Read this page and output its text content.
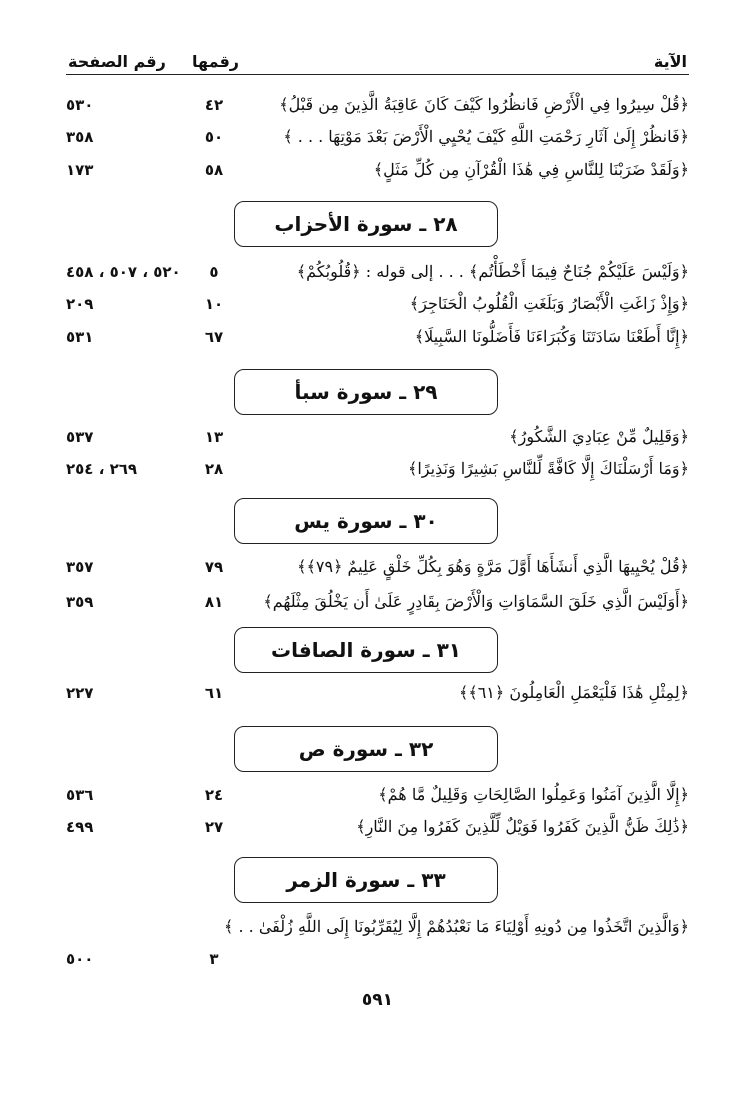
الآية
رقمها
رقم الصفحة
﴿قُلْ سِيرُوا فِي الْأَرْضِ فَانظُرُوا كَيْفَ كَانَ عَاقِبَةُ الَّذِينَ مِن قَبْلُ﴾
٤٢
٥٣٠
﴿فَانظُرْ إِلَىٰ آثَارِ رَحْمَتِ اللَّهِ كَيْفَ يُحْيِي الْأَرْضَ بَعْدَ مَوْتِهَا . . . ﴾
٥٠
٣٥٨
﴿وَلَقَدْ ضَرَبْنَا لِلنَّاسِ فِي هَٰذَا الْقُرْآنِ مِن كُلِّ مَثَلٍ﴾
٥٨
١٧٣
٢٨ ـ سورة الأحزاب
﴿وَلَيْسَ عَلَيْكُمْ جُنَاحٌ فِيمَا أَخْطَأْتُم﴾ . . . إلى قوله : ﴿قُلُوبُكُمْ﴾
٥
٥٢٠ ، ٥٠٧ ، ٤٥٨
﴿وَإِذْ زَاغَتِ الْأَبْصَارُ وَبَلَغَتِ الْقُلُوبُ الْحَنَاجِرَ﴾
١٠
٢٠٩
﴿إِنَّا أَطَعْنَا سَادَتَنَا وَكُبَرَاءَنَا فَأَضَلُّونَا السَّبِيلَا﴾
٦٧
٥٣١
٢٩ ـ سورة سبأ
﴿وَقَلِيلٌ مِّنْ عِبَادِيَ الشَّكُورُ﴾
١٣
٥٣٧
﴿وَمَا أَرْسَلْنَاكَ إِلَّا كَافَّةً لِّلنَّاسِ بَشِيرًا وَنَذِيرًا﴾
٢٨
٢٦٩ ، ٢٥٤
٣٠ ـ سورة يس
﴿قُلْ يُحْيِيهَا الَّذِي أَنشَأَهَا أَوَّلَ مَرَّةٍ وَهُوَ بِكُلِّ خَلْقٍ عَلِيمٌ ﴿٧٩﴾﴾
٧٩
٣٥٧
﴿أَوَلَيْسَ الَّذِي خَلَقَ السَّمَاوَاتِ وَالْأَرْضَ بِقَادِرٍ عَلَىٰ أَن يَخْلُقَ مِثْلَهُم﴾
٨١
٣٥٩
٣١ ـ سورة الصافات
﴿لِمِثْلِ هَٰذَا فَلْيَعْمَلِ الْعَامِلُونَ ﴿٦١﴾﴾
٦١
٢٢٧
٣٢ ـ سورة ص
﴿إِلَّا الَّذِينَ آمَنُوا وَعَمِلُوا الصَّالِحَاتِ وَقَلِيلٌ مَّا هُمْ﴾
٢٤
٥٣٦
﴿ذَٰلِكَ ظَنُّ الَّذِينَ كَفَرُوا فَوَيْلٌ لِّلَّذِينَ كَفَرُوا مِنَ النَّارِ﴾
٢٧
٤٩٩
٣٣ ـ سورة الزمر
﴿وَالَّذِينَ اتَّخَذُوا مِن دُونِهِ أَوْلِيَاءَ مَا نَعْبُدُهُمْ إِلَّا لِيُقَرِّبُونَا إِلَى اللَّهِ زُلْفَىٰ . . ﴾
٣
٥٠٠
٥٩١
